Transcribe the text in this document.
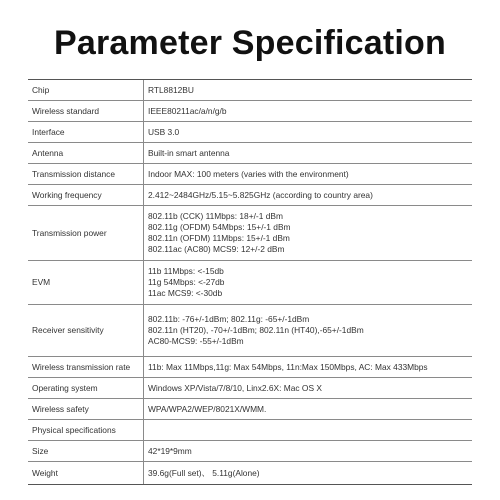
Parameter Specification
Chip	RTL8812BU

Wireless standard	IEEE80211ac/a/n/g/b

Interface	USB 3.0

Antenna	Built-in smart antenna

Transmission distance	Indoor MAX: 100 meters (varies with the environment)

Working frequency	2.412~2484GHz/5.15~5.825GHz (according to country area)

Transmission power	802.11b (CCK) 11Mbps: 18+/-1 dBm
802.11g (OFDM) 54Mbps: 15+/-1 dBm
802.11n (OFDM) 11Mbps: 15+/-1 dBm
802.11ac (AC80) MCS9: 12+/-2 dBm

EVM	11b 11Mbps: <-15db
11g 54Mbps: <-27db
11ac MCS9: <-30db

Receiver sensitivity	802.11b: -76+/-1dBm; 802.11g: -65+/-1dBm
802.11n (HT20), -70+/-1dBm; 802.11n (HT40),-65+/-1dBm
AC80-MCS9: -55+/-1dBm

Wireless transmission rate	11b: Max 11Mbps,11g: Max 54Mbps, 11n:Max 150Mbps, AC: Max 433Mbps

Operating system	Windows XP/Vista/7/8/10, Linx2.6X: Mac OS X

Wireless safety	WPA/WPA2/WEP/8021X/WMM.

Physical specifications	
Size	42*19*9mm

Weight	39.6g(Full set)、 5.11g(Alone)
